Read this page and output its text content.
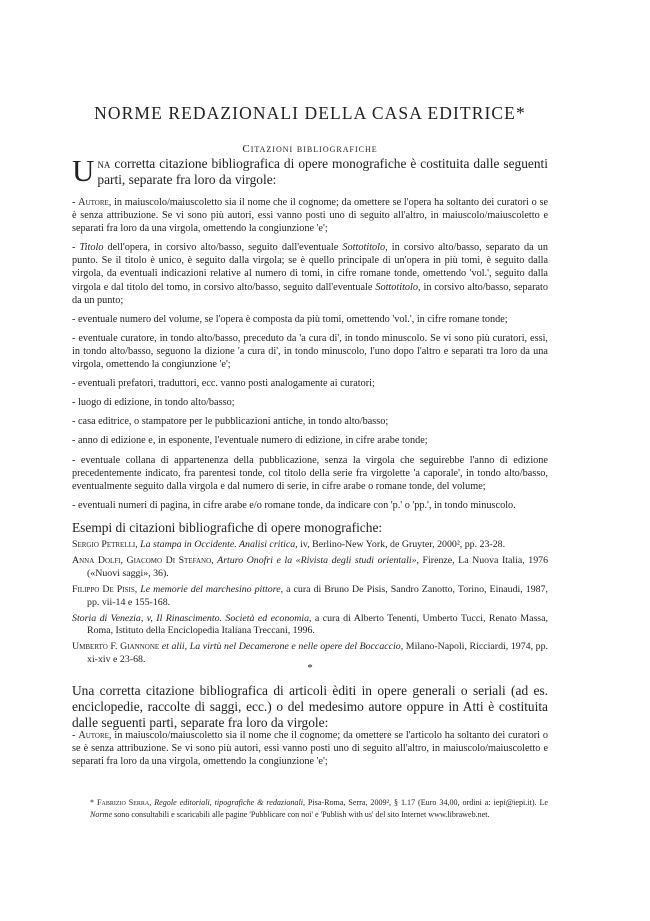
NORME REDAZIONALI DELLA CASA EDITRICE*
Citazioni bibliografiche
Una corretta citazione bibliografica di opere monografiche è costituita dalle seguenti parti, separate fra loro da virgole:

- Autore, in maiuscolo/maiuscoletto sia il nome che il cognome; da omettere se l'opera ha soltanto dei curatori o se è senza attribuzione. Se vi sono più autori, essi vanno posti uno di seguito all'altro, in maiuscolo/maiuscoletto e separati fra loro da una virgola, omettendo la congiunzione 'e';

- Titolo dell'opera, in corsivo alto/basso, seguito dall'eventuale Sottotitolo, in corsivo alto/basso, separato da un punto. Se il titolo è unico, è seguito dalla virgola; se è quello principale di un'opera in più tomi, è seguito dalla virgola, da eventuali indicazioni relative al numero di tomi, in cifre romane tonde, omettendo 'vol.', seguito dalla virgola e dal titolo del tomo, in corsivo alto/basso, seguito dall'eventuale Sottotitolo, in corsivo alto/basso, separato da un punto;

- eventuale numero del volume, se l'opera è composta da più tomi, omettendo 'vol.', in cifre romane tonde;

- eventuale curatore, in tondo alto/basso, preceduto da 'a cura di', in tondo minuscolo. Se vi sono più curatori, essi, in tondo alto/basso, seguono la dizione 'a cura di', in tondo minuscolo, l'uno dopo l'altro e separati tra loro da una virgola, omettendo la congiunzione 'e';

- eventuali prefatori, traduttori, ecc. vanno posti analogamente ai curatori;

- luogo di edizione, in tondo alto/basso;

- casa editrice, o stampatore per le pubblicazioni antiche, in tondo alto/basso;

- anno di edizione e, in esponente, l'eventuale numero di edizione, in cifre arabe tonde;

- eventuale collana di appartenenza della pubblicazione, senza la virgola che seguirebbe l'anno di edizione precedentemente indicato, fra parentesi tonde, col titolo della serie fra virgolette 'a caporale', in tondo alto/basso, eventualmente seguito dalla virgola e dal numero di serie, in cifre arabe o romane tonde, del volume;

- eventuali numeri di pagina, in cifre arabe e/o romane tonde, da indicare con 'p.' o 'pp.', in tondo minuscolo.

Esempi di citazioni bibliografiche di opere monografiche:
Sergio Petrelli, La stampa in Occidente. Analisi critica, iv, Berlino-New York, de Gruyter, 2000², pp. 23-28.
Anna Dolfi, Giacomo Di Stefano, Arturo Onofri e la «Rivista degli studi orientali», Firenze, La Nuova Italia, 1976 («Nuovi saggi», 36).
Filippo De Pisis, Le memorie del marchesino pittore, a cura di Bruno De Pisis, Sandro Zanotto, Torino, Einaudi, 1987, pp. vii-14 e 155-168.
Storia di Venezia, v, Il Rinascimento. Società ed economia, a cura di Alberto Tenenti, Umberto Tucci, Renato Massa, Roma, Istituto della Enciclopedia Italiana Treccani, 1996.
Umberto F. Giannone et alii, La virtù nel Decamerone e nelle opere del Boccaccio, Milano-Napoli, Ricciardi, 1974, pp. xi-xiv e 23-68.
*
Una corretta citazione bibliografica di articoli èditi in opere generali o seriali (ad es. enciclopedie, raccolte di saggi, ecc.) o del medesimo autore oppure in Atti è costituita dalle seguenti parti, separate fra loro da virgole:

- Autore, in maiuscolo/maiuscoletto sia il nome che il cognome; da omettere se l'articolo ha soltanto dei curatori o se è senza attribuzione. Se vi sono più autori, essi vanno posti uno di seguito all'altro, in maiuscolo/maiuscoletto e separati fra loro da una virgola, omettendo la congiunzione 'e';

* Fabrizio Serra, Regole editoriali, tipografiche & redazionali, Pisa-Roma, Serra, 2009², § 1.17 (Euro 34,00, ordini a: iepi@iepi.it). Le Norme sono consultabili e scaricabili alle pagine 'Pubblicare con noi' e 'Publish with us' del sito Internet www.libraweb.net.
